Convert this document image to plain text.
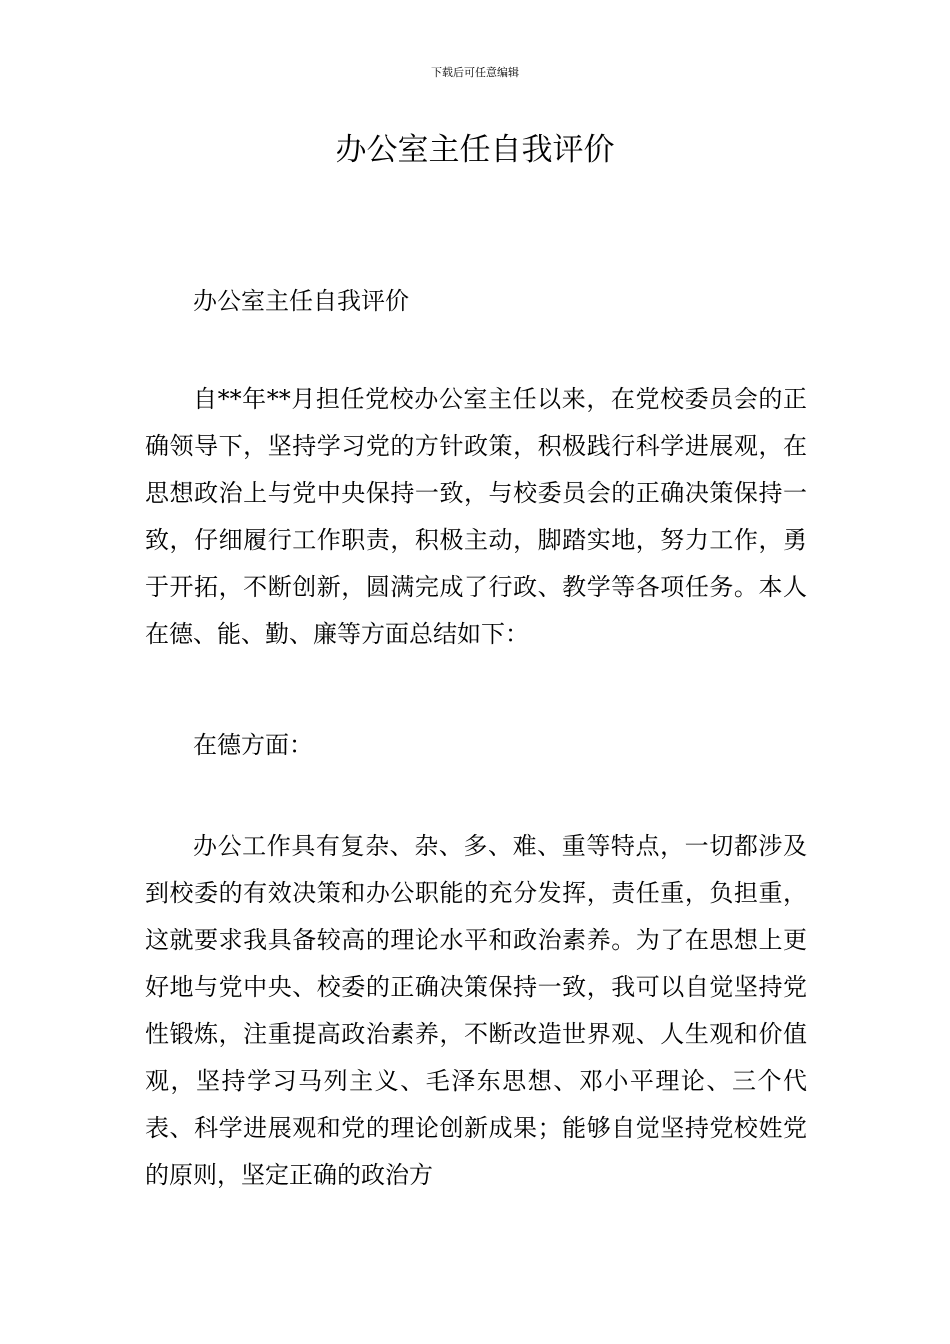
下载后可任意编辑
办公室主任自我评价

办公室主任自我评价

自**年**月担任党校办公室主任以来，在党校委员会的正确领导下，坚持学习党的方针政策，积极践行科学进展观，在思想政治上与党中央保持一致，与校委员会的正确决策保持一致，仔细履行工作职责，积极主动，脚踏实地，努力工作，勇于开拓，不断创新，圆满完成了行政、教学等各项任务。本人在德、能、勤、廉等方面总结如下：

在德方面：

办公工作具有复杂、杂、多、难、重等特点，一切都涉及到校委的有效决策和办公职能的充分发挥，责任重，负担重，这就要求我具备较高的理论水平和政治素养。为了在思想上更好地与党中央、校委的正确决策保持一致，我可以自觉坚持党性锻炼，注重提高政治素养，不断改造世界观、人生观和价值观，坚持学习马列主义、毛泽东思想、邓小平理论、三个代表、科学进展观和党的理论创新成果；能够自觉坚持党校姓党的原则，坚定正确的政治方
